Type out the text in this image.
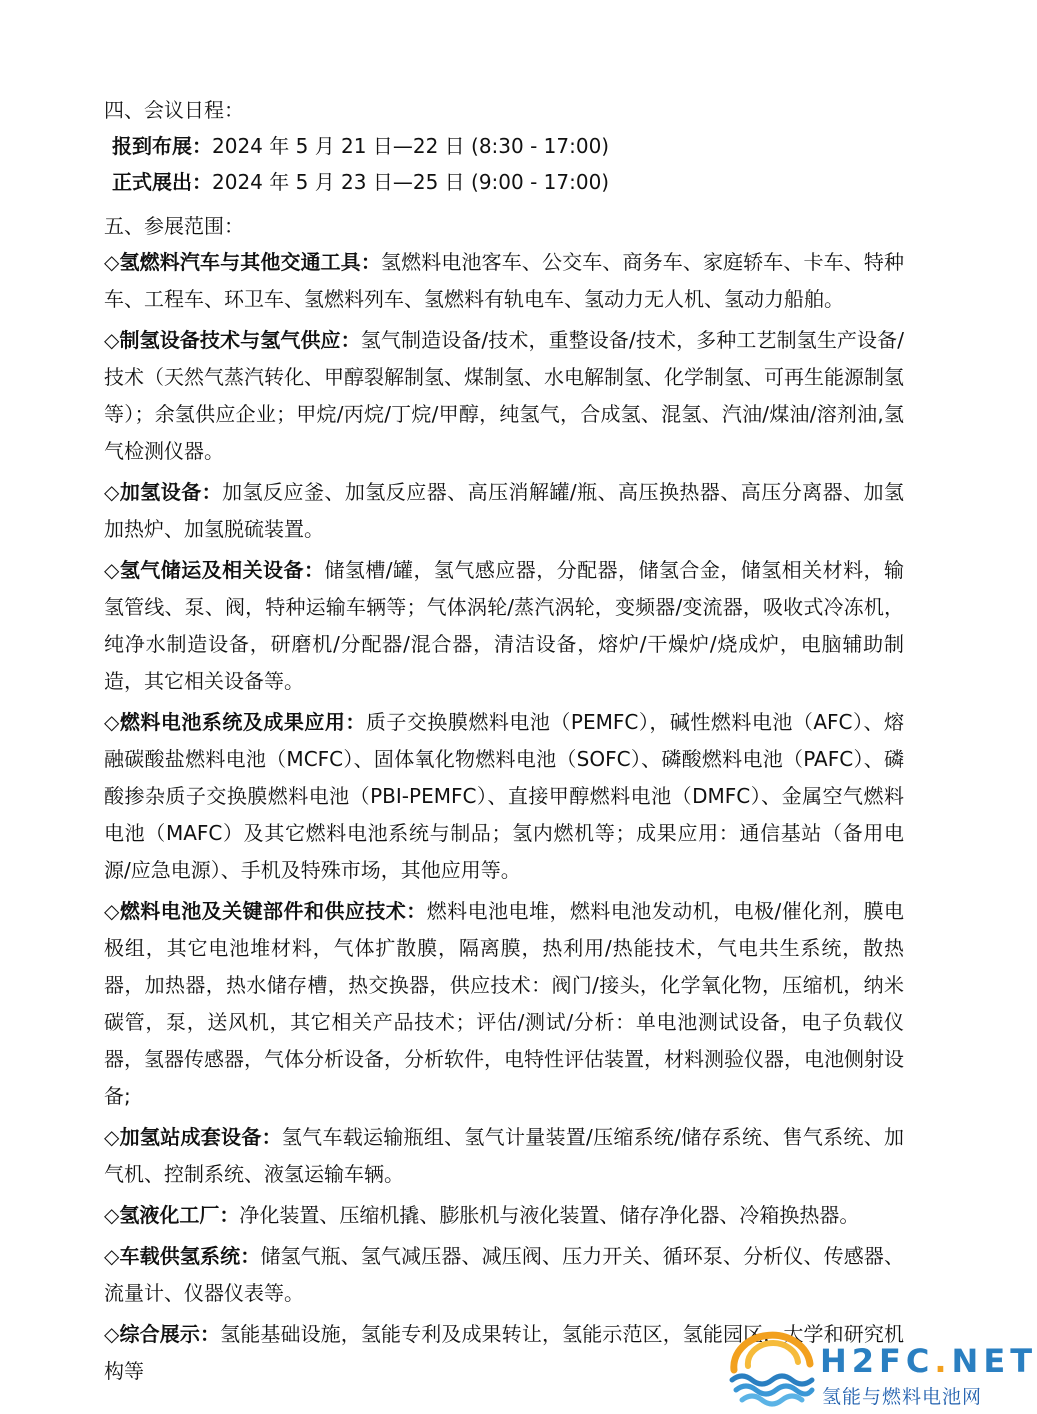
四、会议日程：
报到布展：2024 年 5 月 21 日—22 日 (8:30 - 17:00)
正式展出：2024 年 5 月 23 日—25 日 (9:00 - 17:00)
五、参展范围：

◇氢燃料汽车与其他交通工具：氢燃料电池客车、公交车、商务车、家庭轿车、卡车、特种车、工程车、环卫车、氢燃料列车、氢燃料有轨电车、氢动力无人机、氢动力船舶。

◇制氢设备技术与氢气供应：氢气制造设备/技术，重整设备/技术，多种工艺制氢生产设备/技术（天然气蒸汽转化、甲醇裂解制氢、煤制氢、水电解制氢、化学制氢、可再生能源制氢等）；余氢供应企业；甲烷/丙烷/丁烷/甲醇，纯氢气，合成氢、混氢、汽油/煤油/溶剂油,氢气检测仪器。

◇加氢设备：加氢反应釜、加氢反应器、高压消解罐/瓶、高压换热器、高压分离器、加氢加热炉、加氢脱硫装置。

◇氢气储运及相关设备：储氢槽/罐，氢气感应器，分配器，储氢合金，储氢相关材料，输氢管线、泵、阀，特种运输车辆等；气体涡轮/蒸汽涡轮，变频器/变流器，吸收式冷冻机，纯净水制造设备，研磨机/分配器/混合器，清洁设备，熔炉/干燥炉/烧成炉，电脑辅助制造，其它相关设备等。

◇燃料电池系统及成果应用：质子交换膜燃料电池（PEMFC），碱性燃料电池（AFC）、熔融碳酸盐燃料电池（MCFC）、固体氧化物燃料电池（SOFC）、磷酸燃料电池（PAFC）、磷酸掺杂质子交换膜燃料电池（PBI-PEMFC）、直接甲醇燃料电池（DMFC）、金属空气燃料电池（MAFC）及其它燃料电池系统与制品；氢内燃机等；成果应用：通信基站（备用电源/应急电源）、手机及特殊市场，其他应用等。

◇燃料电池及关键部件和供应技术：燃料电池电堆，燃料电池发动机，电极/催化剂，膜电极组，其它电池堆材料，气体扩散膜，隔离膜，热利用/热能技术，气电共生系统，散热器，加热器，热水储存槽，热交换器，供应技术：阀门/接头，化学氧化物，压缩机，纳米碳管，泵，送风机，其它相关产品技术；评估/测试/分析：单电池测试设备，电子负载仪器，氢器传感器，气体分析设备，分析软件，电特性评估装置，材料测验仪器，电池侧射设备;

◇加氢站成套设备：氢气车载运输瓶组、氢气计量装置/压缩系统/储存系统、售气系统、加气机、控制系统、液氢运输车辆。

◇氢液化工厂：净化装置、压缩机撬、膨胀机与液化装置、储存净化器、冷箱换热器。

◇车载供氢系统：储氢气瓶、氢气减压器、减压阀、压力开关、循环泵、分析仪、传感器、流量计、仪器仪表等。

◇综合展示：氢能基础设施，氢能专利及成果转让，氢能示范区，氢能园区，大学和研究机构等	H2FC.NET
氢能与燃料电池网
